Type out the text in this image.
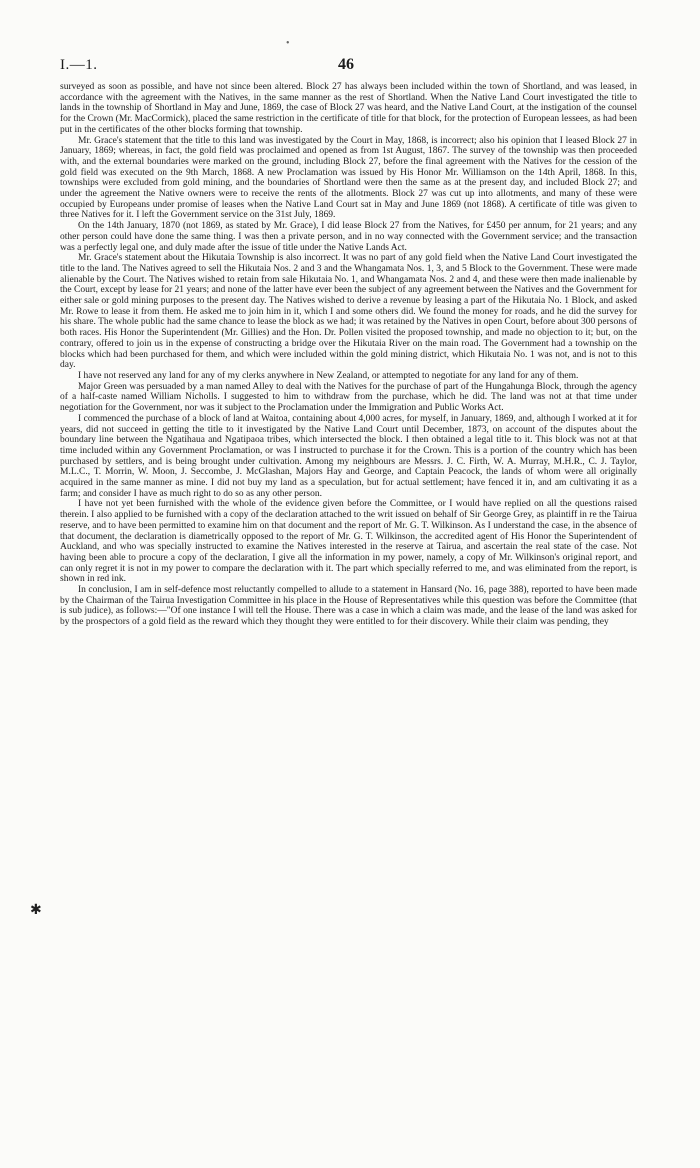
•
I.—1.	46
✱

surveyed as soon as possible, and have not since been altered. Block 27 has always been included within the town of Shortland, and was leased, in accordance with the agreement with the Natives, in the same manner as the rest of Shortland. When the Native Land Court investigated the title to lands in the township of Shortland in May and June, 1869, the case of Block 27 was heard, and the Native Land Court, at the instigation of the counsel for the Crown (Mr. MacCormick), placed the same restriction in the certificate of title for that block, for the protection of European lessees, as had been put in the certificates of the other blocks forming that township.

Mr. Grace's statement that the title to this land was investigated by the Court in May, 1868, is incorrect; also his opinion that I leased Block 27 in January, 1869; whereas, in fact, the gold field was proclaimed and opened as from 1st August, 1867. The survey of the township was then proceeded with, and the external boundaries were marked on the ground, including Block 27, before the final agreement with the Natives for the cession of the gold field was executed on the 9th March, 1868. A new Proclamation was issued by His Honor Mr. Williamson on the 14th April, 1868. In this, townships were excluded from gold mining, and the boundaries of Shortland were then the same as at the present day, and included Block 27; and under the agreement the Native owners were to receive the rents of the allotments. Block 27 was cut up into allotments, and many of these were occupied by Europeans under promise of leases when the Native Land Court sat in May and June 1869 (not 1868). A certificate of title was given to three Natives for it. I left the Government service on the 31st July, 1869.

On the 14th January, 1870 (not 1869, as stated by Mr. Grace), I did lease Block 27 from the Natives, for £450 per annum, for 21 years; and any other person could have done the same thing. I was then a private person, and in no way connected with the Government service; and the transaction was a perfectly legal one, and duly made after the issue of title under the Native Lands Act.

Mr. Grace's statement about the Hikutaia Township is also incorrect. It was no part of any gold field when the Native Land Court investigated the title to the land. The Natives agreed to sell the Hikutaia Nos. 2 and 3 and the Whangamata Nos. 1, 3, and 5 Block to the Government. These were made alienable by the Court. The Natives wished to retain from sale Hikutaia No. 1, and Whangamata Nos. 2 and 4, and these were then made inalienable by the Court, except by lease for 21 years; and none of the latter have ever been the subject of any agreement between the Natives and the Government for either sale or gold mining purposes to the present day. The Natives wished to derive a revenue by leasing a part of the Hikutaia No. 1 Block, and asked Mr. Rowe to lease it from them. He asked me to join him in it, which I and some others did. We found the money for roads, and he did the survey for his share. The whole public had the same chance to lease the block as we had; it was retained by the Natives in open Court, before about 300 persons of both races. His Honor the Superintendent (Mr. Gillies) and the Hon. Dr. Pollen visited the proposed township, and made no objection to it; but, on the contrary, offered to join us in the expense of constructing a bridge over the Hikutaia River on the main road. The Government had a township on the blocks which had been purchased for them, and which were included within the gold mining district, which Hikutaia No. 1 was not, and is not to this day.

I have not reserved any land for any of my clerks anywhere in New Zealand, or attempted to negotiate for any land for any of them.

Major Green was persuaded by a man named Alley to deal with the Natives for the purchase of part of the Hungahunga Block, through the agency of a half-caste named William Nicholls. I suggested to him to withdraw from the purchase, which he did. The land was not at that time under negotiation for the Government, nor was it subject to the Proclamation under the Immigration and Public Works Act.

I commenced the purchase of a block of land at Waitoa, containing about 4,000 acres, for myself, in January, 1869, and, although I worked at it for years, did not succeed in getting the title to it investigated by the Native Land Court until December, 1873, on account of the disputes about the boundary line between the Ngatihaua and Ngatipaoa tribes, which intersected the block. I then obtained a legal title to it. This block was not at that time included within any Government Proclamation, or was I instructed to purchase it for the Crown. This is a portion of the country which has been purchased by settlers, and is being brought under cultivation. Among my neighbours are Messrs. J. C. Firth, W. A. Murray, M.H.R., C. J. Taylor, M.L.C., T. Morrin, W. Moon, J. Seccombe, J. McGlashan, Majors Hay and George, and Captain Peacock, the lands of whom were all originally acquired in the same manner as mine. I did not buy my land as a speculation, but for actual settlement; have fenced it in, and am cultivating it as a farm; and consider I have as much right to do so as any other person.

I have not yet been furnished with the whole of the evidence given before the Committee, or I would have replied on all the questions raised therein. I also applied to be furnished with a copy of the declaration attached to the writ issued on behalf of Sir George Grey, as plaintiff in re the Tairua reserve, and to have been permitted to examine him on that document and the report of Mr. G. T. Wilkinson. As I understand the case, in the absence of that document, the declaration is diametrically opposed to the report of Mr. G. T. Wilkinson, the accredited agent of His Honor the Superintendent of Auckland, and who was specially instructed to examine the Natives interested in the reserve at Tairua, and ascertain the real state of the case. Not having been able to procure a copy of the declaration, I give all the information in my power, namely, a copy of Mr. Wilkinson's original report, and can only regret it is not in my power to compare the declaration with it. The part which specially referred to me, and was eliminated from the report, is shown in red ink.

In conclusion, I am in self-defence most reluctantly compelled to allude to a statement in Hansard (No. 16, page 388), reported to have been made by the Chairman of the Tairua Investigation Committee in his place in the House of Representatives while this question was before the Committee (that is sub judice), as follows:—"Of one instance I will tell the House. There was a case in which a claim was made, and the lease of the land was asked for by the prospectors of a gold field as the reward which they thought they were entitled to for their discovery. While their claim was pending, they
